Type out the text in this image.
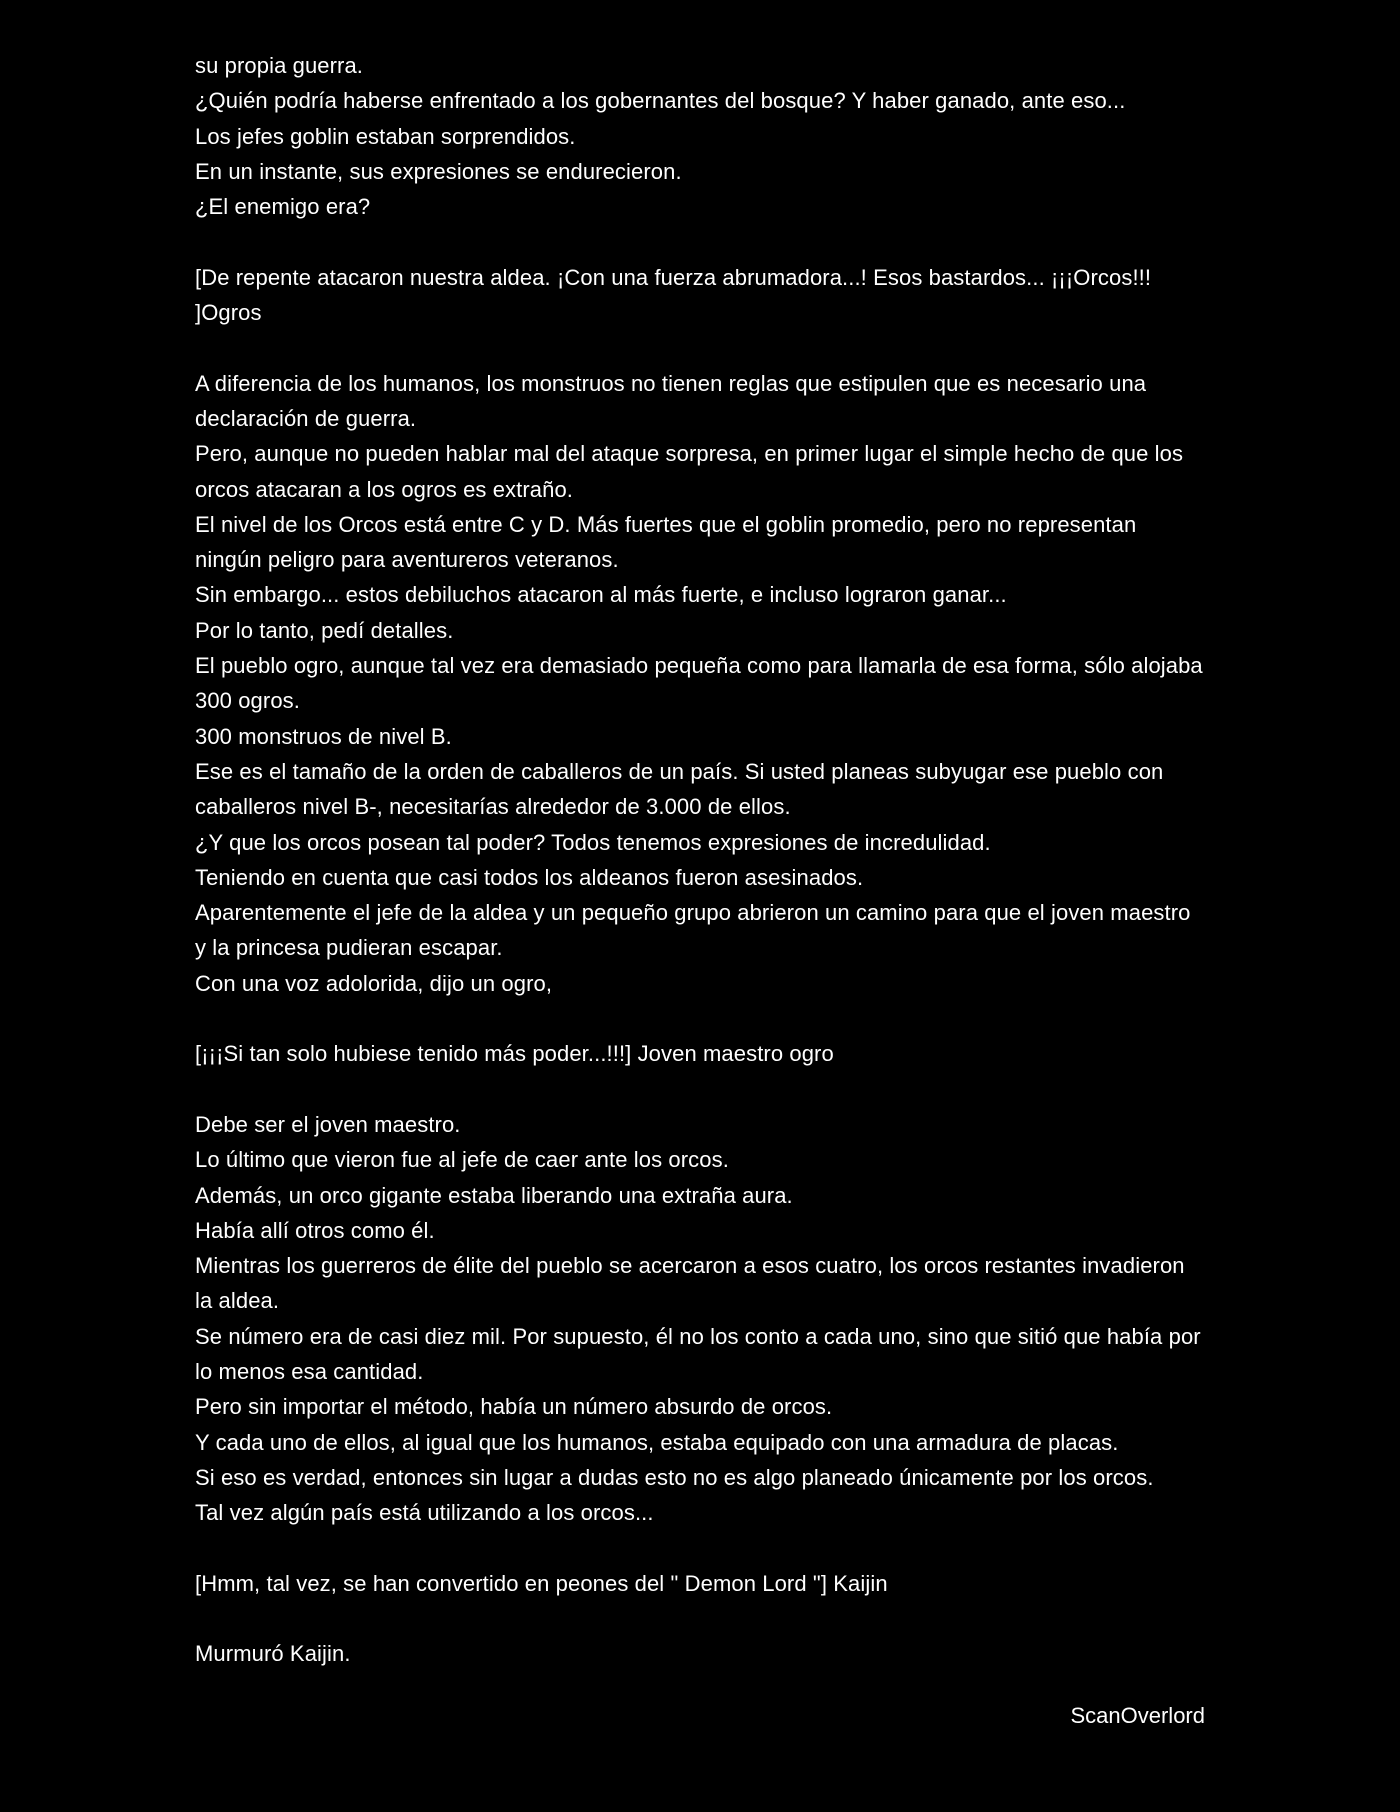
su propia guerra.

¿Quién podría haberse enfrentado a los gobernantes del bosque? Y haber ganado, ante eso...

Los jefes goblin estaban sorprendidos.

En un instante, sus expresiones se endurecieron.

¿El enemigo era?

[De repente atacaron nuestra aldea. ¡Con una fuerza abrumadora...! Esos bastardos... ¡¡¡Orcos!!! ]Ogros

A diferencia de los humanos, los monstruos no tienen reglas que estipulen que es necesario una declaración de guerra.

Pero, aunque no pueden hablar mal del ataque sorpresa, en primer lugar el simple hecho de que los orcos atacaran a los ogros es extraño.

El nivel de los Orcos está entre C y D. Más fuertes que el goblin promedio, pero no representan ningún peligro para aventureros veteranos.

Sin embargo... estos debiluchos atacaron al más fuerte, e incluso lograron ganar...

Por lo tanto, pedí detalles.

El pueblo ogro, aunque tal vez era demasiado pequeña como para llamarla de esa forma, sólo alojaba 300 ogros.

300 monstruos de nivel B.

Ese es el tamaño de la orden de caballeros de un país. Si usted planeas subyugar ese pueblo con caballeros nivel B-, necesitarías alrededor de 3.000 de ellos.

¿Y que los orcos posean tal poder? Todos tenemos expresiones de incredulidad.

Teniendo en cuenta que casi todos los aldeanos fueron asesinados.

Aparentemente el jefe de la aldea y un pequeño grupo abrieron un camino para que el joven maestro y la princesa pudieran escapar.

Con una voz adolorida, dijo un ogro,

[¡¡¡Si tan solo hubiese tenido más poder...!!!] Joven maestro ogro

Debe ser el joven maestro.

Lo último que vieron fue al jefe de caer ante los orcos.

Además, un orco gigante estaba liberando una extraña aura.

Había allí otros como él.

Mientras los guerreros de élite del pueblo se acercaron a esos cuatro, los orcos restantes invadieron la aldea.

Se número era de casi diez mil. Por supuesto, él no los conto a cada uno, sino que sitió que había por lo menos esa cantidad.

Pero sin importar el método, había un número absurdo de orcos.

Y cada uno de ellos, al igual que los humanos, estaba equipado con una armadura de placas.

Si eso es verdad, entonces sin lugar a dudas esto no es algo planeado únicamente por los orcos.

Tal vez algún país está utilizando a los orcos...

[Hmm, tal vez, se han convertido en peones del " Demon Lord "] Kaijin

Murmuró Kaijin.

ScanOverlord
